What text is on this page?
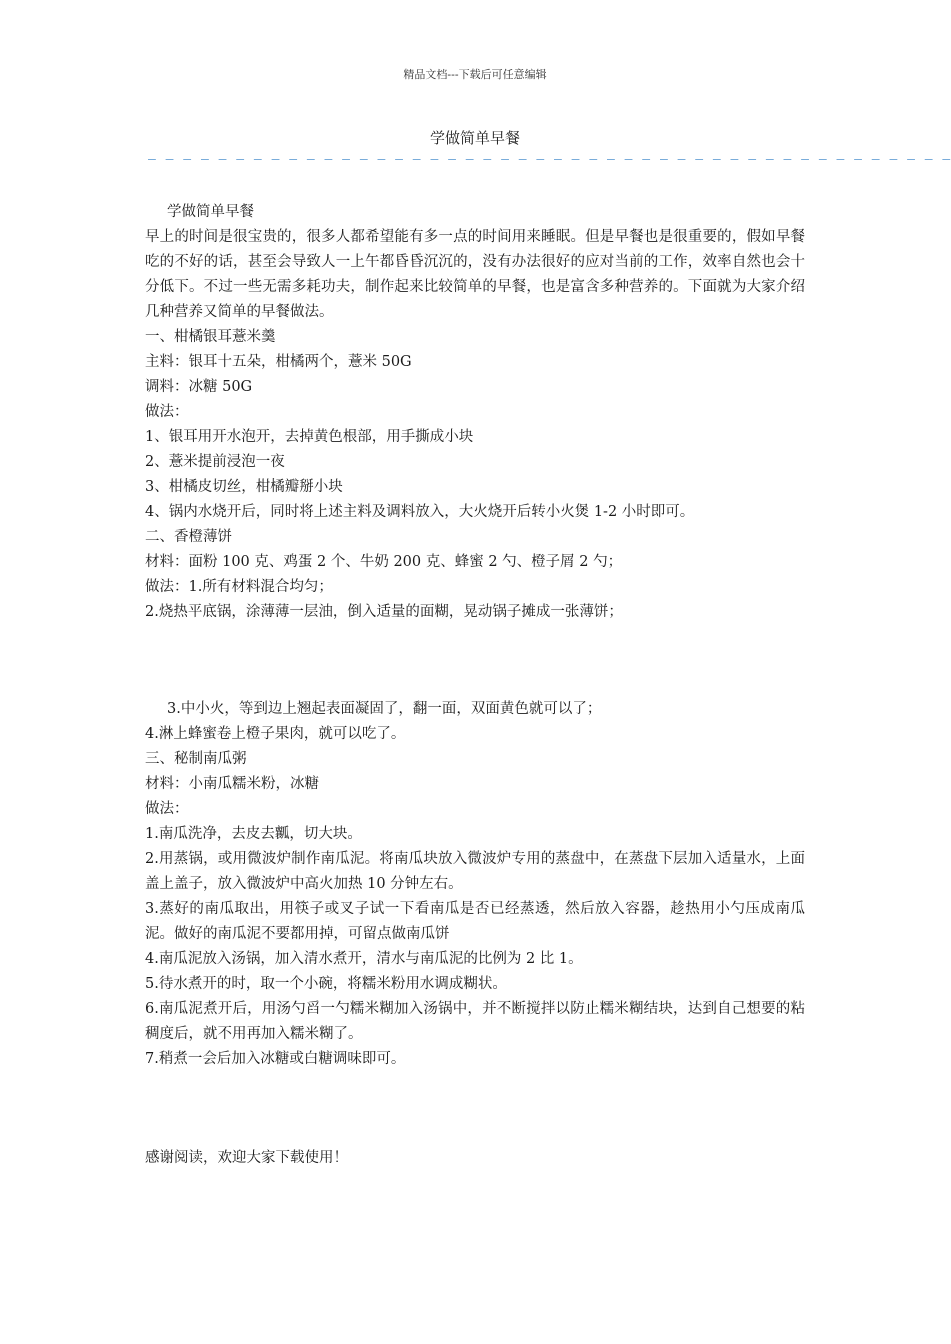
精品文档---下载后可任意编辑
学做简单早餐
— — — — — — — — — — — — — — — — — — — — — — — — — — — — — — — — — — — — — — — — — — — — — —

学做简单早餐

早上的时间是很宝贵的，很多人都希望能有多一点的时间用来睡眠。但是早餐也是很重要的，假如早餐吃的不好的话，甚至会导致人一上午都昏昏沉沉的，没有办法很好的应对当前的工作，效率自然也会十分低下。不过一些无需多耗功夫，制作起来比较简单的早餐，也是富含多种营养的。下面就为大家介绍几种营养又简单的早餐做法。

一、柑橘银耳薏米羹

主料：银耳十五朵，柑橘两个，薏米 50G

调料：冰糖 50G

做法：

1、银耳用开水泡开，去掉黄色根部，用手撕成小块

2、薏米提前浸泡一夜

3、柑橘皮切丝，柑橘瓣掰小块

4、锅内水烧开后，同时将上述主料及调料放入，大火烧开后转小火煲 1-2 小时即可。

二、香橙薄饼

材料：面粉 100 克、鸡蛋 2 个、牛奶 200 克、蜂蜜 2 勺、橙子屑 2 勺；

做法：1.所有材料混合均匀；

2.烧热平底锅，涂薄薄一层油，倒入适量的面糊，晃动锅子摊成一张薄饼；

3.中小火，等到边上翘起表面凝固了，翻一面，双面黄色就可以了；

4.淋上蜂蜜卷上橙子果肉，就可以吃了。

三、秘制南瓜粥

材料：小南瓜糯米粉，冰糖

做法：

1.南瓜洗净，去皮去瓤，切大块。

2.用蒸锅，或用微波炉制作南瓜泥。将南瓜块放入微波炉专用的蒸盘中，在蒸盘下层加入适量水，上面盖上盖子，放入微波炉中高火加热 10 分钟左右。

3.蒸好的南瓜取出，用筷子或叉子试一下看南瓜是否已经蒸透，然后放入容器，趁热用小勺压成南瓜泥。做好的南瓜泥不要都用掉，可留点做南瓜饼

4.南瓜泥放入汤锅，加入清水煮开，清水与南瓜泥的比例为 2 比 1。

5.待水煮开的时，取一个小碗，将糯米粉用水调成糊状。

6.南瓜泥煮开后，用汤勺舀一勺糯米糊加入汤锅中，并不断搅拌以防止糯米糊结块，达到自己想要的粘稠度后，就不用再加入糯米糊了。

7.稍煮一会后加入冰糖或白糖调味即可。

感谢阅读，欢迎大家下载使用！
